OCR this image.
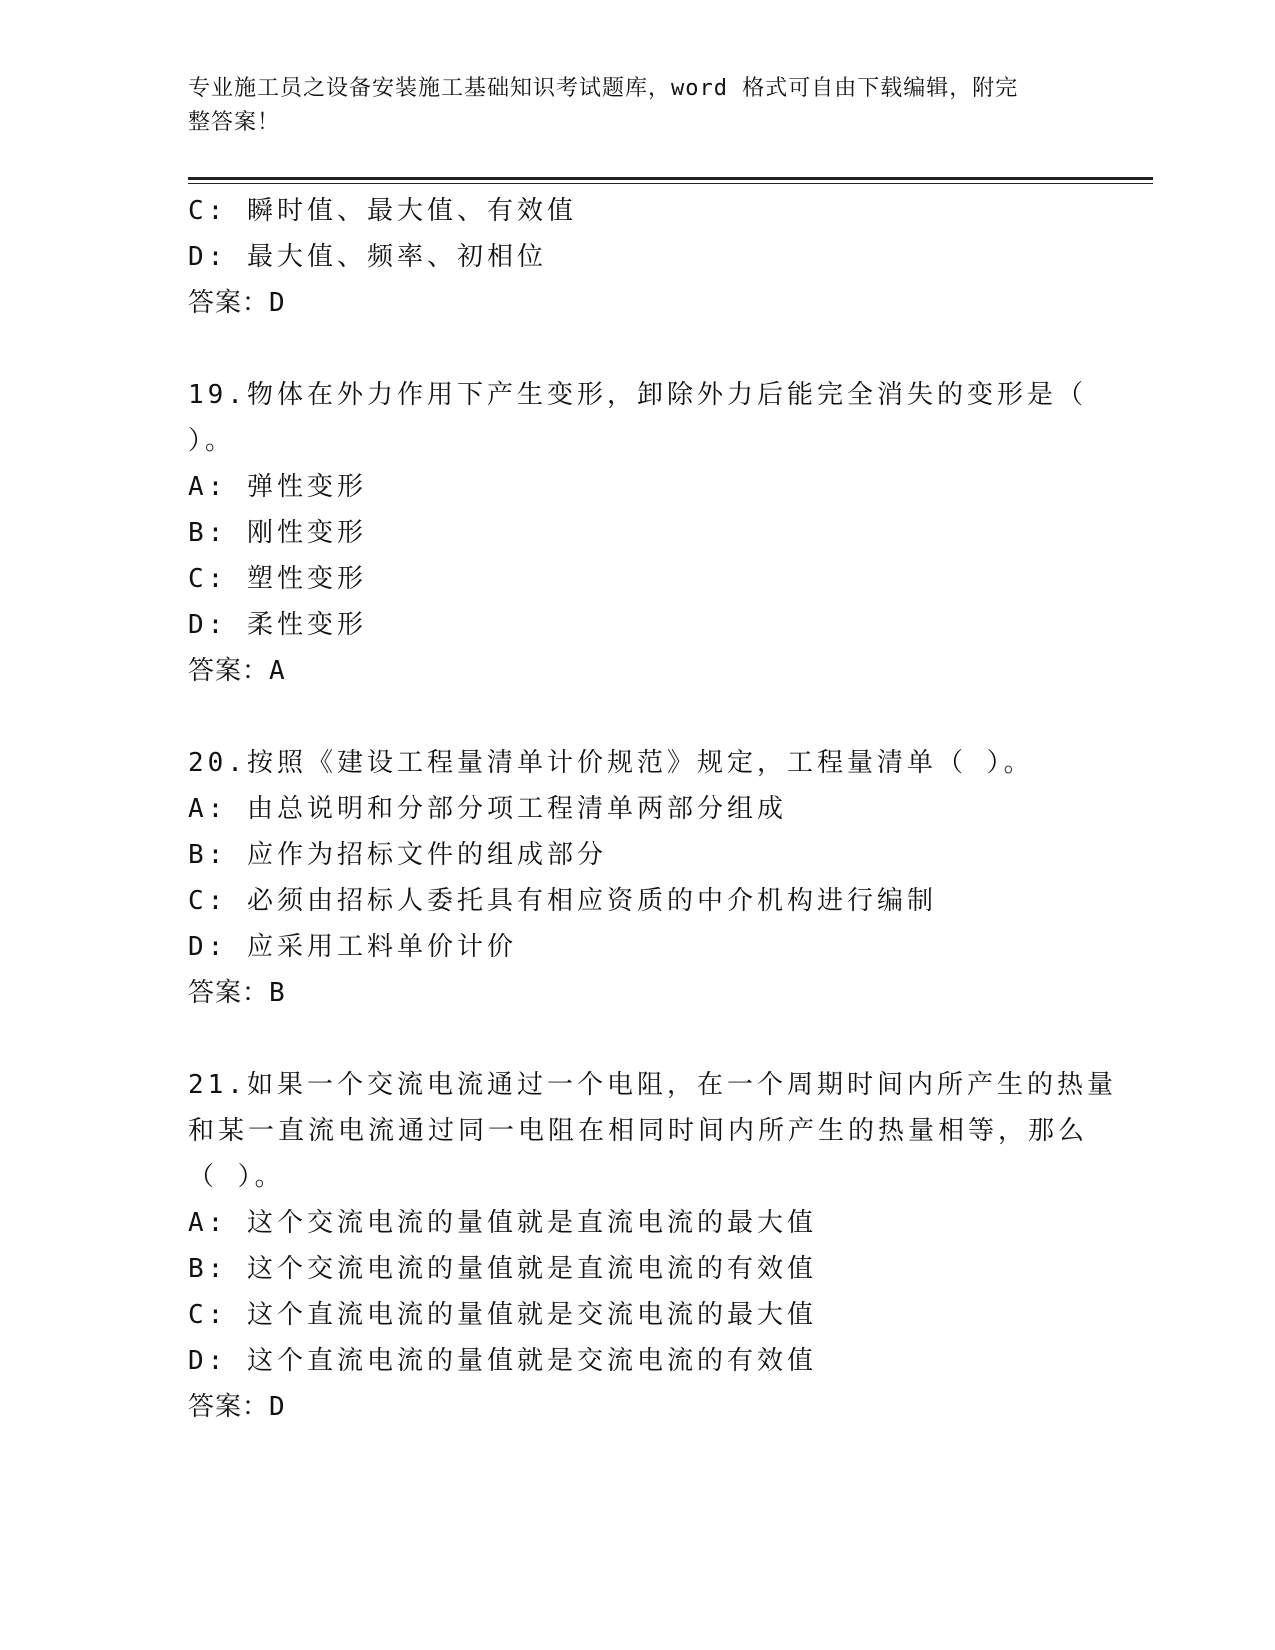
专业施工员之设备安装施工基础知识考试题库，word 格式可自由下载编辑，附完
整答案！
C: 瞬时值、最大值、有效值
D: 最大值、频率、初相位
答案：D
19.物体在外力作用下产生变形，卸除外力后能完全消失的变形是（
）。
A: 弹性变形
B: 刚性变形
C: 塑性变形
D: 柔性变形
答案：A
20.按照《建设工程量清单计价规范》规定，工程量清单（ ）。
A: 由总说明和分部分项工程清单两部分组成
B: 应作为招标文件的组成部分
C: 必须由招标人委托具有相应资质的中介机构进行编制
D: 应采用工料单价计价
答案：B
21.如果一个交流电流通过一个电阻，在一个周期时间内所产生的热量
和某一直流电流通过同一电阻在相同时间内所产生的热量相等，那么
（ ）。
A: 这个交流电流的量值就是直流电流的最大值
B: 这个交流电流的量值就是直流电流的有效值
C: 这个直流电流的量值就是交流电流的最大值
D: 这个直流电流的量值就是交流电流的有效值
答案：D
